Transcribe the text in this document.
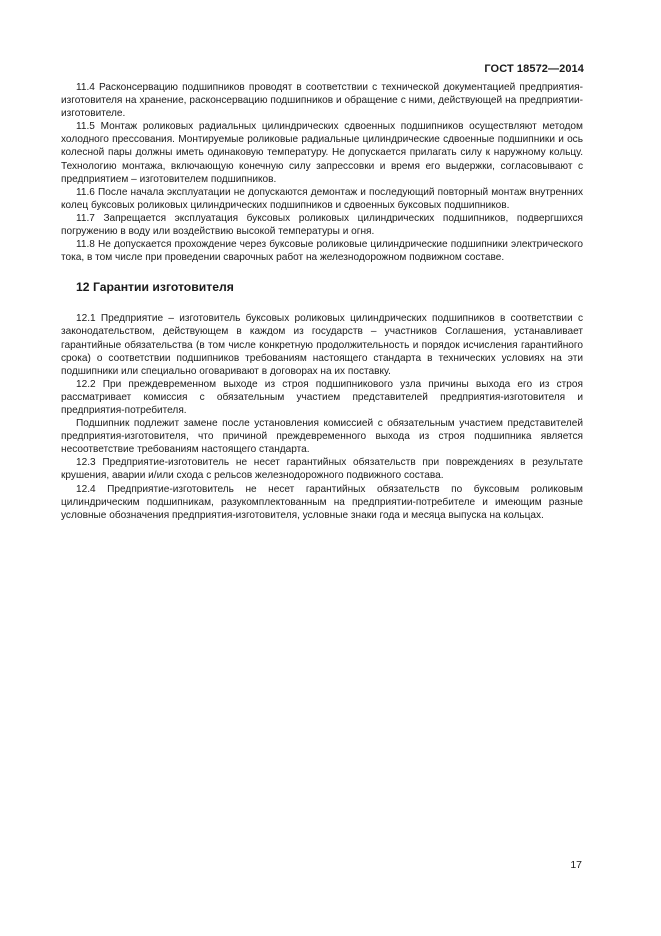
ГОСТ 18572—2014

11.4 Расконсервацию подшипников проводят в соответствии с технической документацией предприятия-изготовителя на хранение, расконсервацию подшипников и обращение с ними, действующей на предприятии-изготовителе.

11.5 Монтаж роликовых радиальных цилиндрических сдвоенных подшипников осуществляют методом холодного прессования. Монтируемые роликовые радиальные цилиндрические сдвоенные подшипники и ось колесной пары должны иметь одинаковую температуру. Не допускается прилагать силу к наружному кольцу. Технологию монтажа, включающую конечную силу запрессовки и время его выдержки, согласовывают с предприятием – изготовителем подшипников.

11.6 После начала эксплуатации не допускаются демонтаж и последующий повторный монтаж внутренних колец буксовых роликовых цилиндрических подшипников и сдвоенных буксовых подшипников.

11.7 Запрещается эксплуатация буксовых роликовых цилиндрических подшипников, подвергшихся погружению в воду или воздействию высокой температуры и огня.

11.8 Не допускается прохождение через буксовые роликовые цилиндрические подшипники электрического тока, в том числе при проведении сварочных работ на железнодорожном подвижном составе.

12 Гарантии изготовителя

12.1 Предприятие – изготовитель буксовых роликовых цилиндрических подшипников в соответствии с законодательством, действующем в каждом из государств – участников Соглашения, устанавливает гарантийные обязательства (в том числе конкретную продолжительность и порядок исчисления гарантийного срока) о соответствии подшипников требованиям настоящего стандарта в технических условиях на эти подшипники или специально оговаривают в договорах на их поставку.

12.2 При преждевременном выходе из строя подшипникового узла причины выхода его из строя рассматривает комиссия с обязательным участием представителей предприятия-изготовителя и предприятия-потребителя.

Подшипник подлежит замене после установления комиссией с обязательным участием представителей предприятия-изготовителя, что причиной преждевременного выхода из строя подшипника является несоответствие требованиям настоящего стандарта.

12.3 Предприятие-изготовитель не несет гарантийных обязательств при повреждениях в результате крушения, аварии и/или схода с рельсов железнодорожного подвижного состава.

12.4 Предприятие-изготовитель не несет гарантийных обязательств по буксовым роликовым цилиндрическим подшипникам, разукомплектованным на предприятии-потребителе и имеющим разные условные обозначения предприятия-изготовителя, условные знаки года и месяца выпуска на кольцах.

17
